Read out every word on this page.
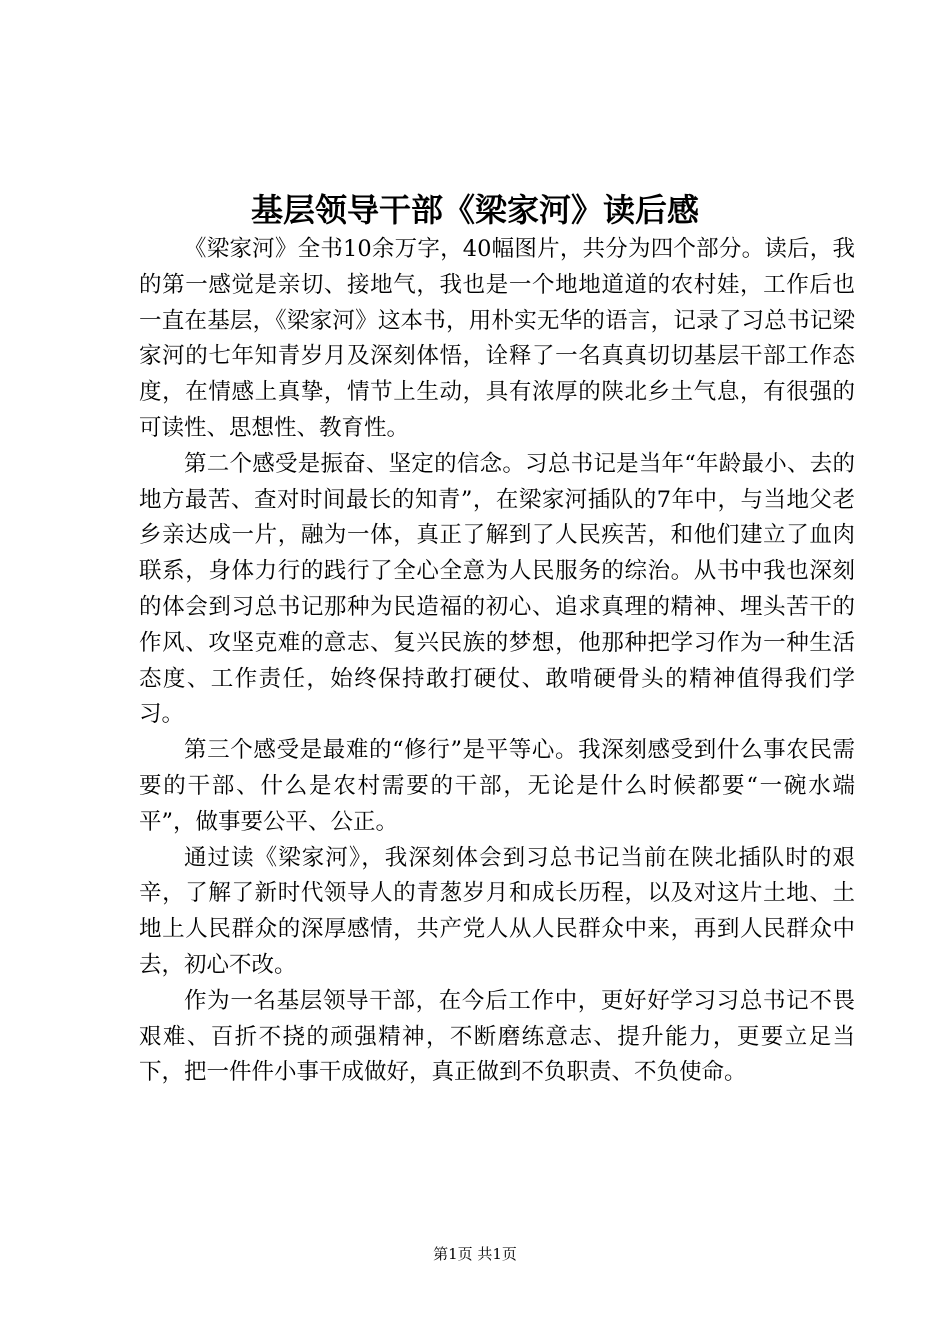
基层领导干部《梁家河》读后感

《梁家河》全书10余万字，40幅图片，共分为四个部分。读后，我的第一感觉是亲切、接地气，我也是一个地地道道的农村娃，工作后也一直在基层，《梁家河》这本书，用朴实无华的语言，记录了习总书记梁家河的七年知青岁月及深刻体悟，诠释了一名真真切切基层干部工作态度，在情感上真挚，情节上生动，具有浓厚的陕北乡土气息，有很强的可读性、思想性、教育性。

第二个感受是振奋、坚定的信念。习总书记是当年“年龄最小、去的地方最苦、查对时间最长的知青”，在梁家河插队的7年中，与当地父老乡亲达成一片，融为一体，真正了解到了人民疾苦，和他们建立了血肉联系，身体力行的践行了全心全意为人民服务的综治。从书中我也深刻的体会到习总书记那种为民造福的初心、追求真理的精神、埋头苦干的作风、攻坚克难的意志、复兴民族的梦想，他那种把学习作为一种生活态度、工作责任，始终保持敢打硬仗、敢啃硬骨头的精神值得我们学习。

第三个感受是最难的“修行”是平等心。我深刻感受到什么事农民需要的干部、什么是农村需要的干部，无论是什么时候都要“一碗水端平”，做事要公平、公正。

通过读《梁家河》，我深刻体会到习总书记当前在陕北插队时的艰辛，了解了新时代领导人的青葱岁月和成长历程，以及对这片土地、土地上人民群众的深厚感情，共产党人从人民群众中来，再到人民群众中去，初心不改。

作为一名基层领导干部，在今后工作中，更好好学习习总书记不畏艰难、百折不挠的顽强精神，不断磨练意志、提升能力，更要立足当下，把一件件小事干成做好，真正做到不负职责、不负使命。

第1页 共1页
